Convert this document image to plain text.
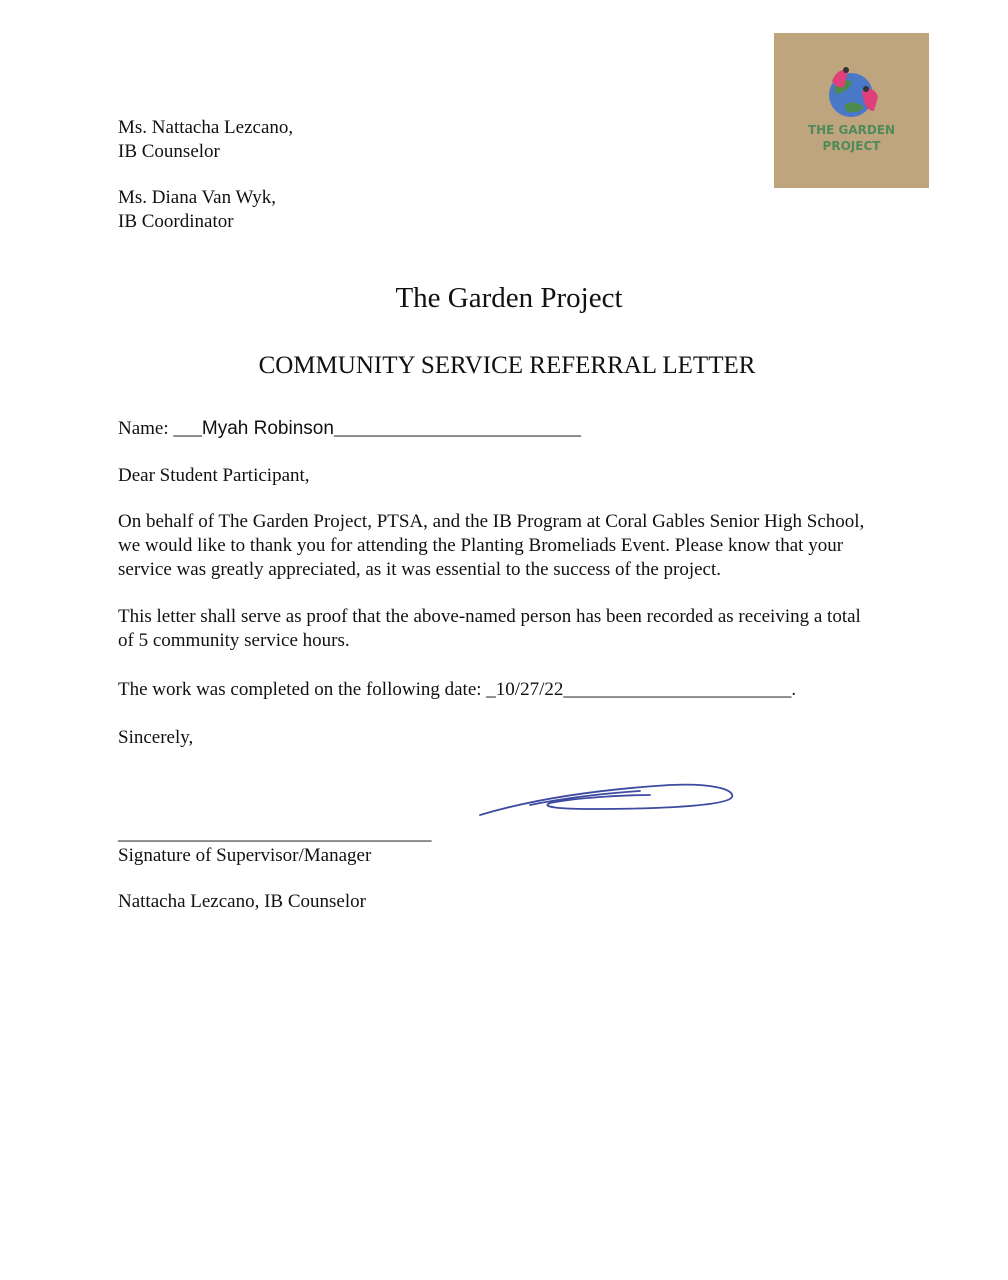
THE GARDEN
PROJECT
Ms. Nattacha Lezcano,
IB Counselor
Ms. Diana Van Wyk,
IB Coordinator
The Garden Project
COMMUNITY SERVICE REFERRAL LETTER
Name: ___Myah Robinson__________________________
Dear Student Participant,
On behalf of The Garden Project, PTSA, and the IB Program at Coral Gables Senior High School, we would like to thank you for attending the Planting Bromeliads Event. Please know that your service was greatly appreciated, as it was essential to the success of the project.
This letter shall serve as proof that the above-named person has been recorded as receiving a total of 5 community service hours.
The work was completed on the following date: _10/27/22________________________.
Sincerely,
_________________________________
Signature of Supervisor/Manager
Nattacha Lezcano, IB Counselor
